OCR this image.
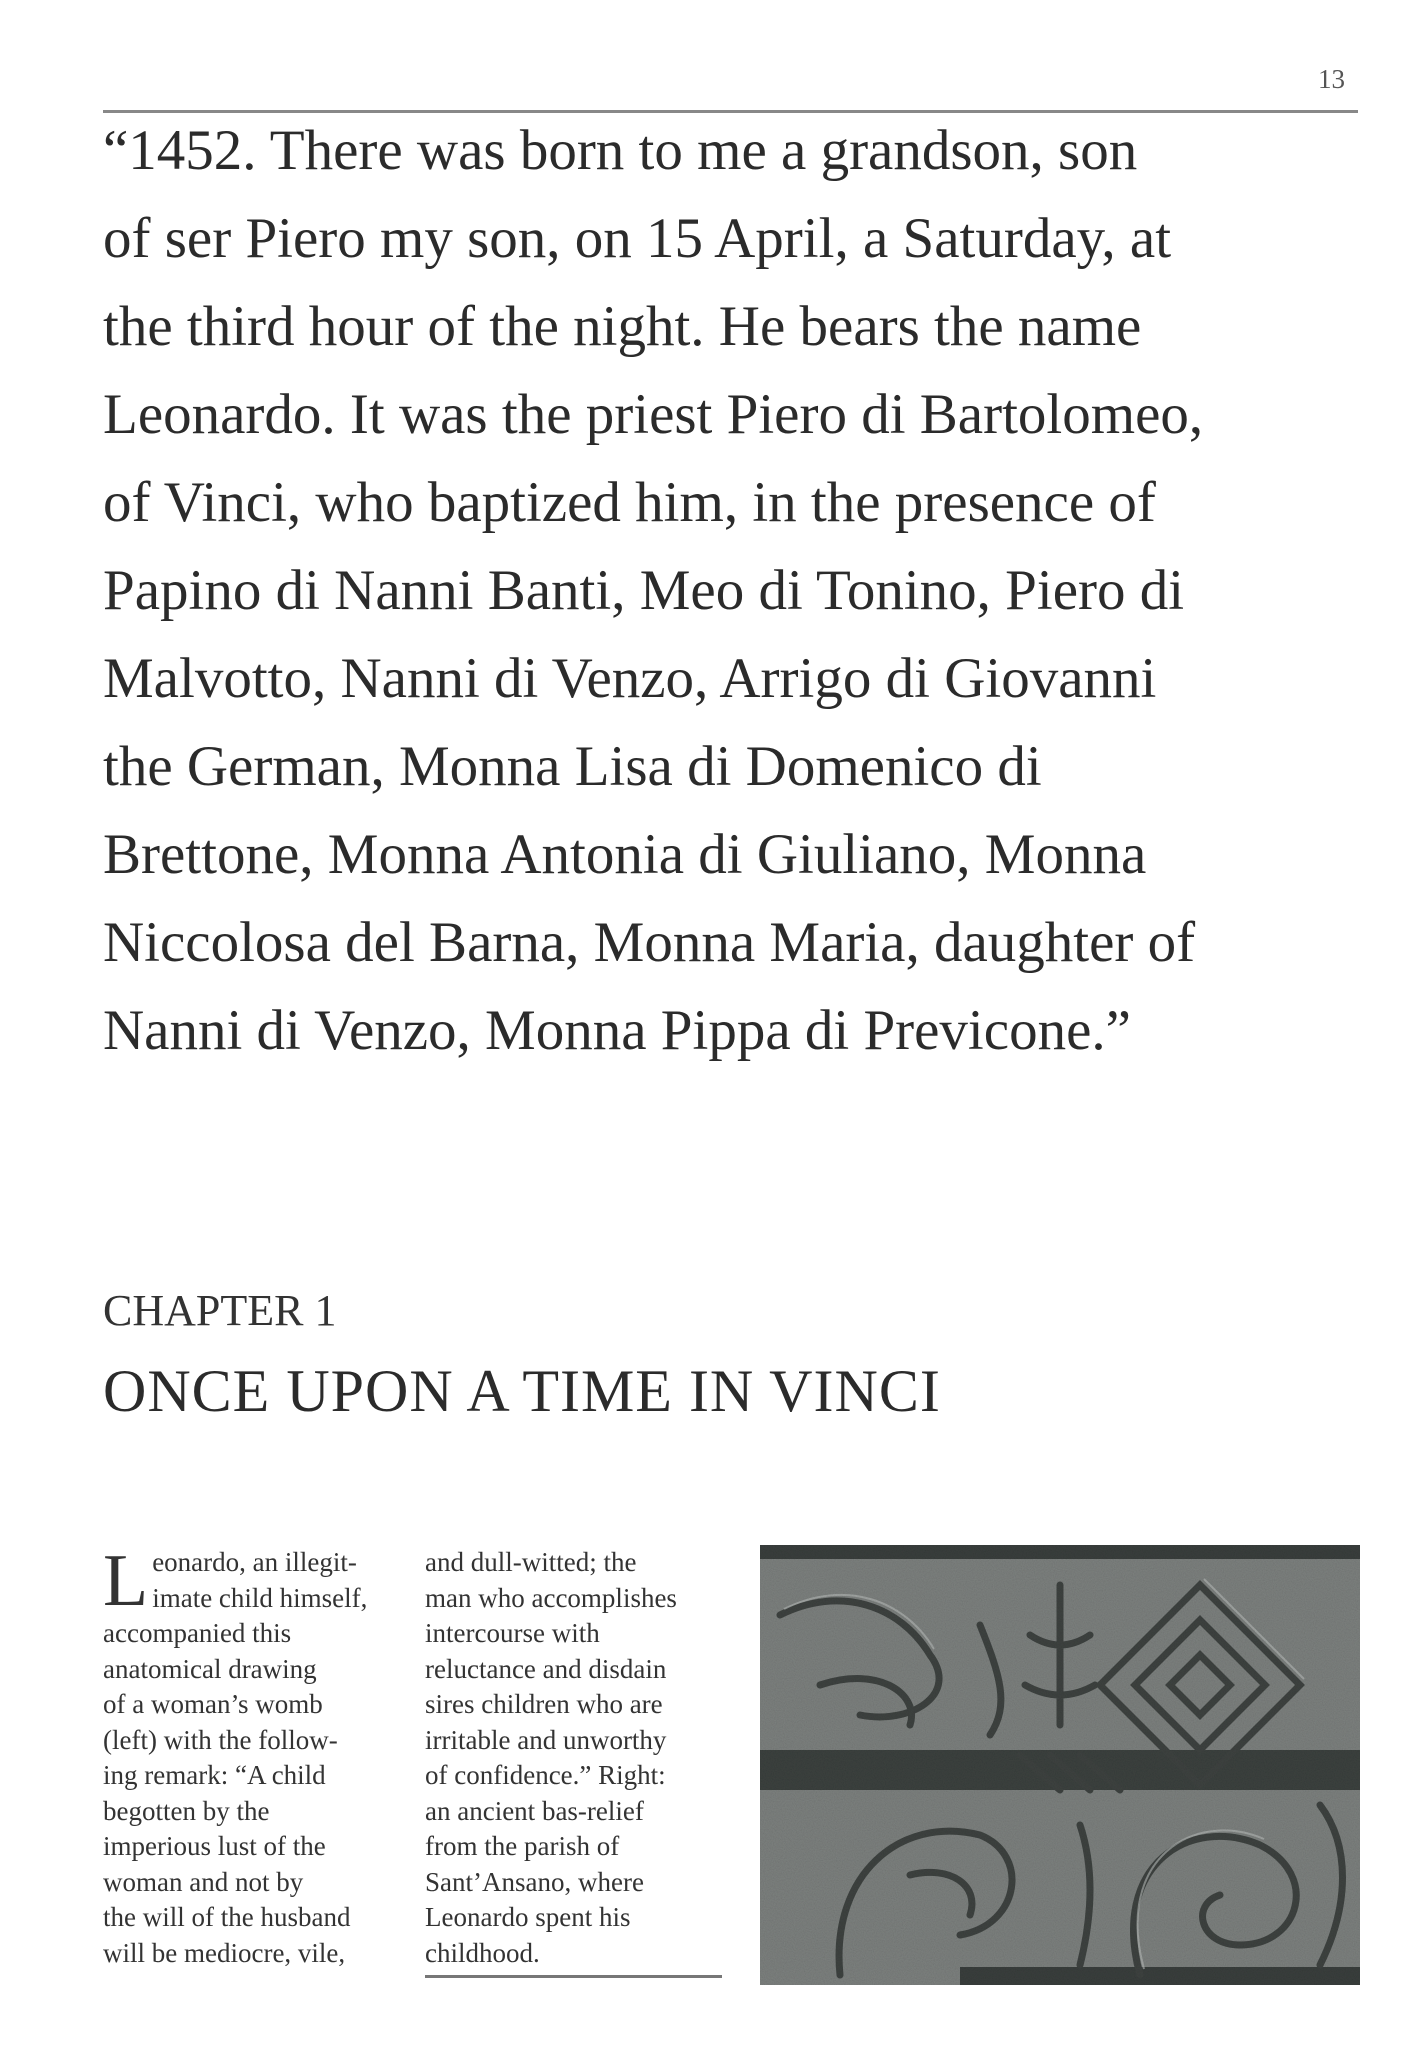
13
“1452. There was born to me a grandson, son
of ser Piero my son, on 15 April, a Saturday, at
the third hour of the night. He bears the name
Leonardo. It was the priest Piero di Bartolomeo,
of Vinci, who baptized him, in the presence of
Papino di Nanni Banti, Meo di Tonino, Piero di
Malvotto, Nanni di Venzo, Arrigo di Giovanni
the German, Monna Lisa di Domenico di
Brettone, Monna Antonia di Giuliano, Monna
Niccolosa del Barna, Monna Maria, daughter of
Nanni di Venzo, Monna Pippa di Previcone.”
CHAPTER 1
ONCE UPON A TIME IN VINCI
L eonardo, an illegit-
imate child himself,
accompanied this
anatomical drawing
of a woman’s womb
(left) with the follow-
ing remark: “A child
begotten by the
imperious lust of the
woman and not by
the will of the husband
will be mediocre, vile,
and dull-witted; the
man who accomplishes
intercourse with
reluctance and disdain
sires children who are
irritable and unworthy
of confidence.” Right:
an ancient bas-relief
from the parish of
Sant’Ansano, where
Leonardo spent his
childhood.
